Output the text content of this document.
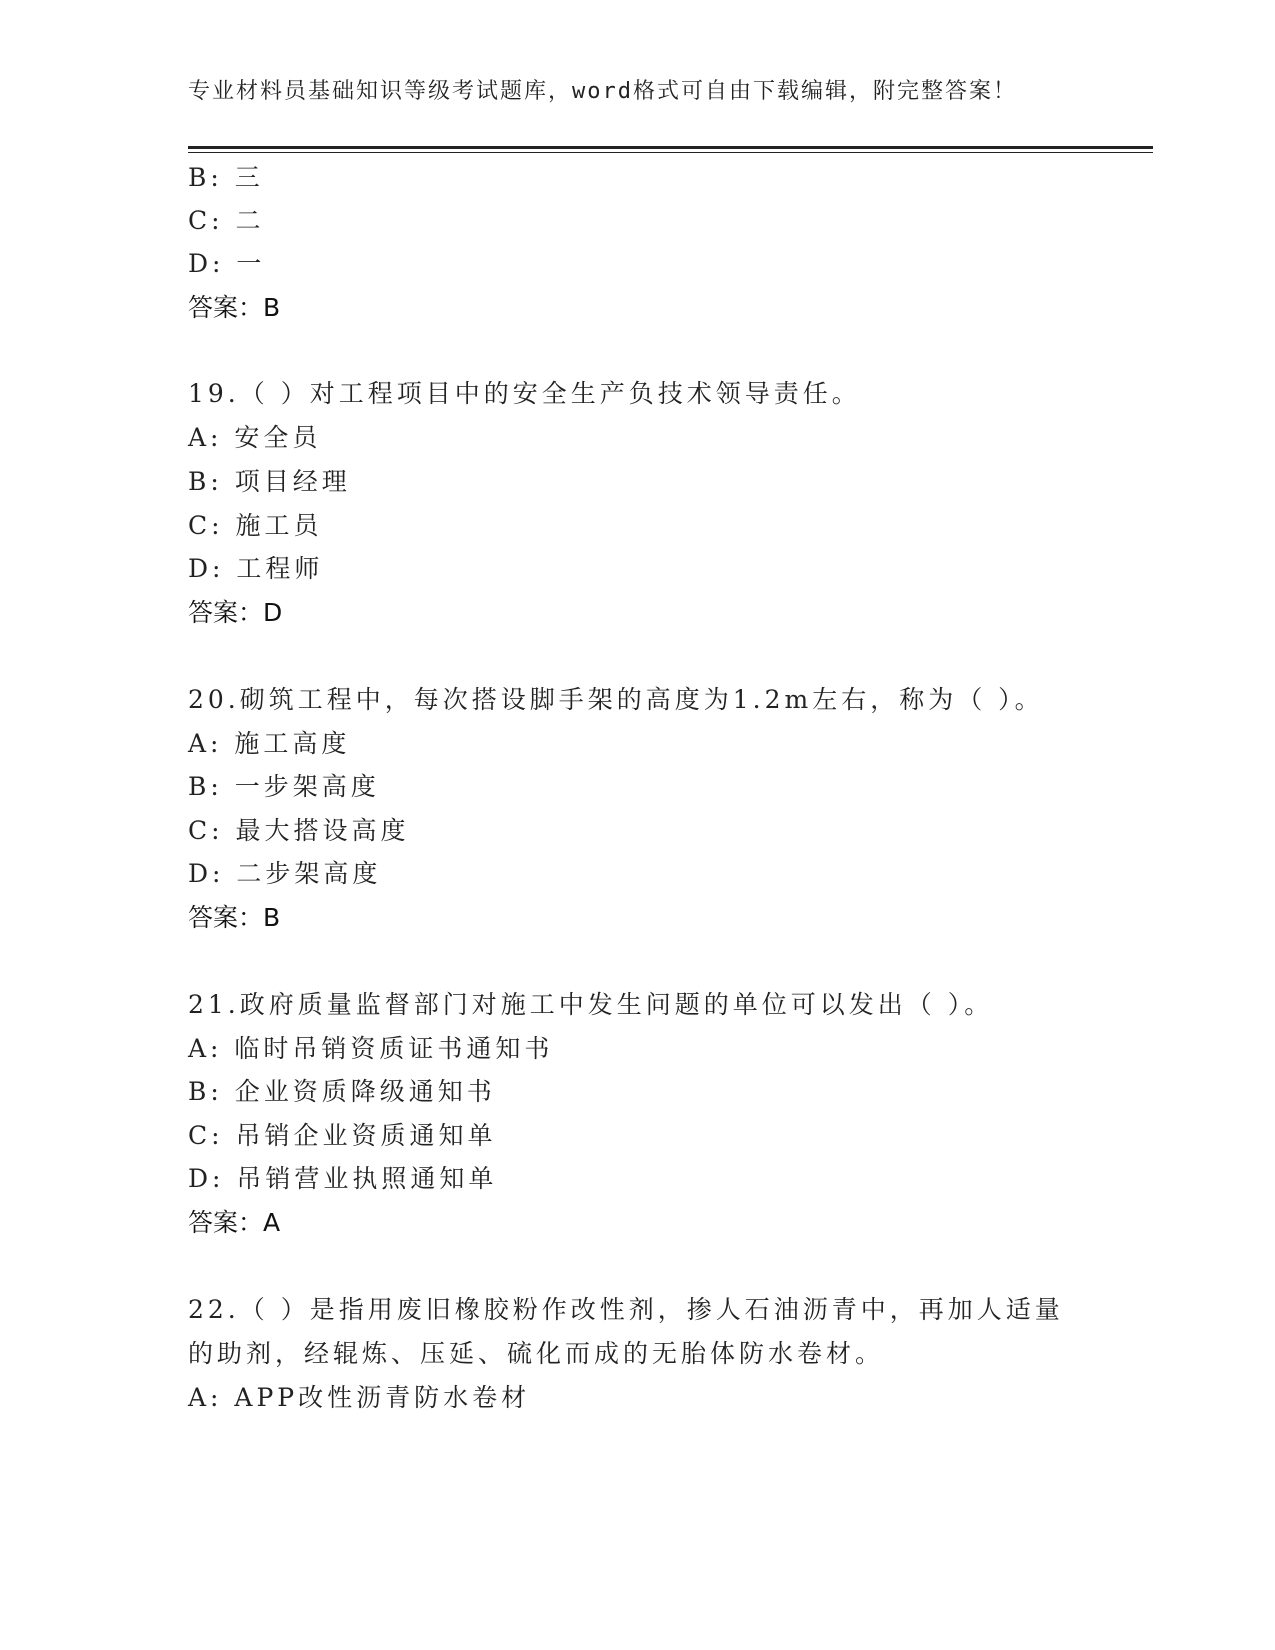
专业材料员基础知识等级考试题库，word格式可自由下载编辑，附完整答案！
B: 三
C: 二
D: 一
答案：B
19.（ ）对工程项目中的安全生产负技术领导责任。
A: 安全员
B: 项目经理
C: 施工员
D: 工程师
答案：D
20.砌筑工程中，每次搭设脚手架的高度为1.2m左右，称为（ ）。
A: 施工高度
B: 一步架高度
C: 最大搭设高度
D: 二步架高度
答案：B
21.政府质量监督部门对施工中发生问题的单位可以发出（ ）。
A: 临时吊销资质证书通知书
B: 企业资质降级通知书
C: 吊销企业资质通知单
D: 吊销营业执照通知单
答案：A
22.（ ）是指用废旧橡胶粉作改性剂，掺人石油沥青中，再加人适量
的助剂，经辊炼、压延、硫化而成的无胎体防水卷材。
A: APP改性沥青防水卷材
